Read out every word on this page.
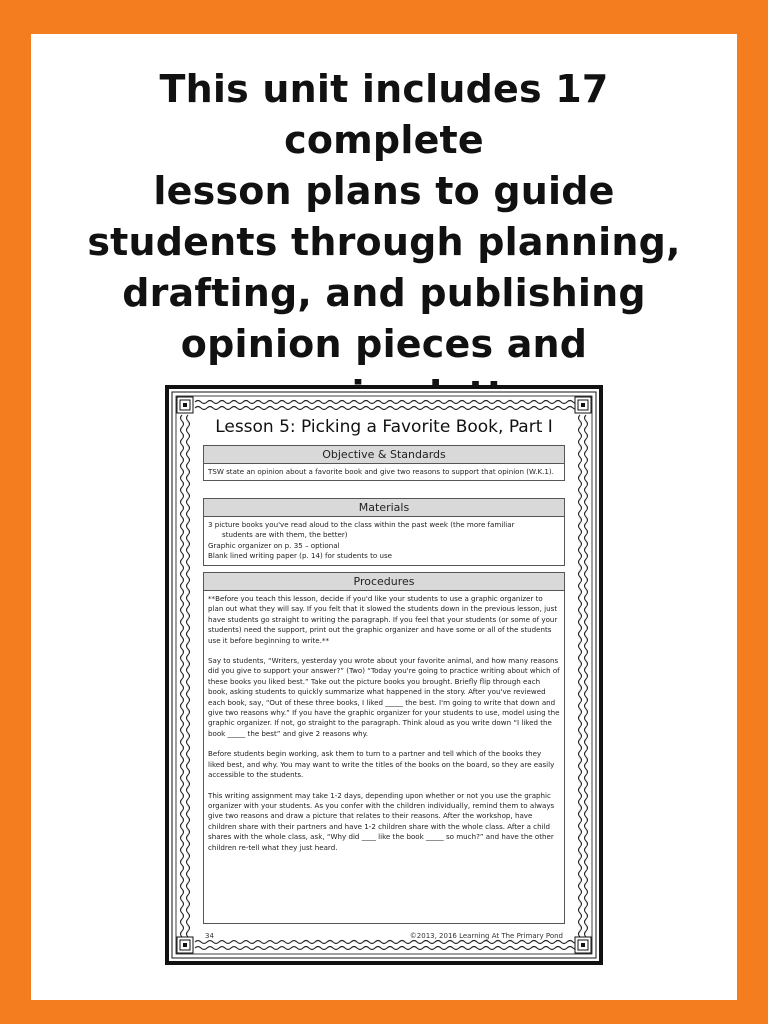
This unit includes 17 complete
lesson plans to guide
students through planning,
drafting, and publishing
opinion pieces and
Lesson 5: Picking a Favorite Book, Part I
Objective & Standards

TSW state an opinion about a favorite book and give two reasons to support that opinion (W.K.1).

Materials

3 picture books you've read aloud to the class within the past week (the more familiar

students are with them, the better)

Graphic organizer on p. 35 – optional

Blank lined writing paper (p. 14) for students to use

Procedures

**Before you teach this lesson, decide if you'd like your students to use a graphic organizer to plan out what they will say. If you felt that it slowed the students down in the previous lesson, just have students go straight to writing the paragraph. If you feel that your students (or some of your students) need the support, print out the graphic organizer and have some or all of the students use it before beginning to write.**

Say to students, “Writers, yesterday you wrote about your favorite animal, and how many reasons did you give to support your answer?” (Two) “Today you're going to practice writing about which of these books you liked best.” Take out the picture books you brought. Briefly flip through each book, asking students to quickly summarize what happened in the story. After you've reviewed each book, say, “Out of these three books, I liked _____ the best. I'm going to write that down and give two reasons why.” If you have the graphic organizer for your students to use, model using the graphic organizer. If not, go straight to the paragraph. Think aloud as you write down “I liked the book _____ the best” and give 2 reasons why.

Before students begin working, ask them to turn to a partner and tell which of the books they liked best, and why. You may want to write the titles of the books on the board, so they are easily accessible to the students.

This writing assignment may take 1-2 days, depending upon whether or not you use the graphic organizer with your students. As you confer with the children individually, remind them to always give two reasons and draw a picture that relates to their reasons. After the workshop, have children share with their partners and have 1-2 children share with the whole class. After a child shares with the whole class, ask, “Why did ____ like the book _____ so much?” and have the other children re-tell what they just heard.

34	©2013, 2016 Learning At The Primary Pond
